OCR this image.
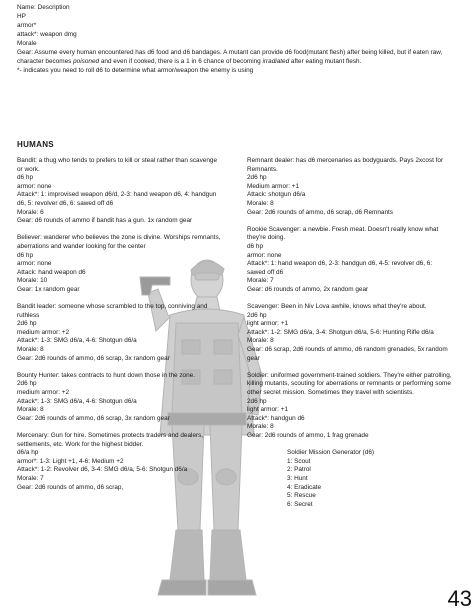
Name: Description
HP
armor*
attack*: weapon dmg
Morale
Gear: Assume every human encountered has d6 food and d6 bandages. A mutant can provide d6 food(mutant flesh) after being killed, but if eaten raw, character becomes poisoned and even if cooked, there is a 1 in 6 chance of becoming irradiated after eating mutant flesh.
*- indicates you need to roll d6 to determine what armor/weapon the enemy is using
HUMANS
Bandit: a thug who tends to prefers to kill or steal rather than scavenge or work.
d6 hp
armor: none
Attack*: 1: improvised weapon d6/d, 2-3: hand weapon d6, 4: handgun d6, 5: revolver d6, 6: sawed off d6
Morale: 6
Gear: d6 rounds of ammo if bandit has a gun. 1x random gear
Believer: wanderer who believes the zone is divine. Worships remnants, aberrations and wander looking for the center
d6 hp
armor: none
Attack: hand weapon d6
Morale: 10
Gear: 1x random gear
Bandit leader: someone whose scrambled to the top, conniving and ruthless
2d6 hp
medium armor: +2
Attack*: 1-3: SMG d6/a, 4-6: Shotgun d6/a
Morale: 8
Gear: 2d6 rounds of ammo, d6 scrap, 3x random gear
Bounty Hunter: takes contracts to hunt down those in the zone.
2d6 hp
medium armor: +2
Attack*: 1-3: SMG d6/a, 4-6: Shotgun d6/a
Morale: 8
Gear: 2d6 rounds of ammo, d6 scrap, 3x random gear
Mercenary: Gun for hire. Sometimes protects traders and dealers, settlements, etc. Work for the highest bidder.
d6/a hp
armor*: 1-3: Light +1, 4-6: Medium +2
Attack*: 1-2: Revolver d6, 3-4: SMG d6/a, 5-6: Shotgun d6/a
Morale: 7
Gear: 2d6 rounds of ammo, d6 scrap,
Remnant dealer: has d6 mercenaries as bodyguards. Pays 2xcost for Remnants.
2d6 hp
Medium armor: +1
Attack: shotgun d6/a
Morale: 8
Gear: 2d6 rounds of ammo, d6 scrap, d6 Remnants
Rookie Scavenger: a newbie. Fresh meat. Doesn't really know what they're doing.
d6 hp
armor: none
Attack*: 1: hand weapon d6, 2-3: handgun d6, 4-5: revolver d6, 6: sawed off d6
Morale: 7
Gear: d6 rounds of ammo, 2x random gear
Scavenger: Been in Niv Lova awhile, knows what they're about.
2d6 hp
light armor: +1
Attack*: 1-2: SMG d6/a, 3-4: Shotgun d6/a, 5-6: Hunting Rifle d6/a
Morale: 8
Gear: d6 scrap, 2d6 rounds of ammo, d6 random grenades, 5x random gear
Soldier: uniformed government-trained soldiers. They're either patrolling, killing mutants, scouting for aberrations or remnants or performing some other secret mission. Sometimes they travel with scientists.
2d6 hp
light armor: +1
Attack*: handgun d6
Morale: 8
Gear: 2d6 rounds of ammo, 1 frag grenade
Soldier Mission Generator (d6)
1: Scout
2: Patrol
3: Hunt
4: Eradicate
5: Rescue
6: Secret
43
